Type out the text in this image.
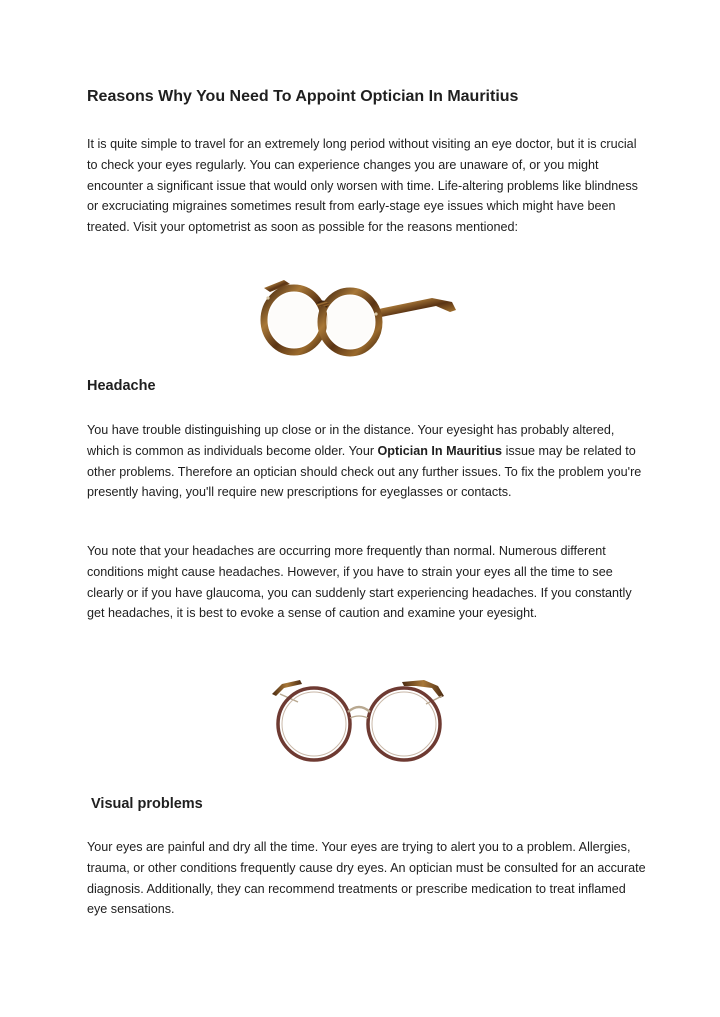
Reasons Why You Need To Appoint Optician In Mauritius

It is quite simple to travel for an extremely long period without visiting an eye doctor, but it is crucial to check your eyes regularly. You can experience changes you are unaware of, or you might encounter a significant issue that would only worsen with time. Life-altering problems like blindness or excruciating migraines sometimes result from early-stage eye issues which might have been treated. Visit your optometrist as soon as possible for the reasons mentioned:

Headache

You have trouble distinguishing up close or in the distance. Your eyesight has probably altered, which is common as individuals become older. Your Optician In Mauritius issue may be related to other problems. Therefore an optician should check out any further issues. To fix the problem you're presently having, you'll require new prescriptions for eyeglasses or contacts.

You note that your headaches are occurring more frequently than normal. Numerous different conditions might cause headaches. However, if you have to strain your eyes all the time to see clearly or if you have glaucoma, you can suddenly start experiencing headaches. If you constantly get headaches, it is best to evoke a sense of caution and examine your eyesight.

Visual problems

Your eyes are painful and dry all the time. Your eyes are trying to alert you to a problem. Allergies, trauma, or other conditions frequently cause dry eyes. An optician must be consulted for an accurate diagnosis. Additionally, they can recommend treatments or prescribe medication to treat inflamed eye sensations.
